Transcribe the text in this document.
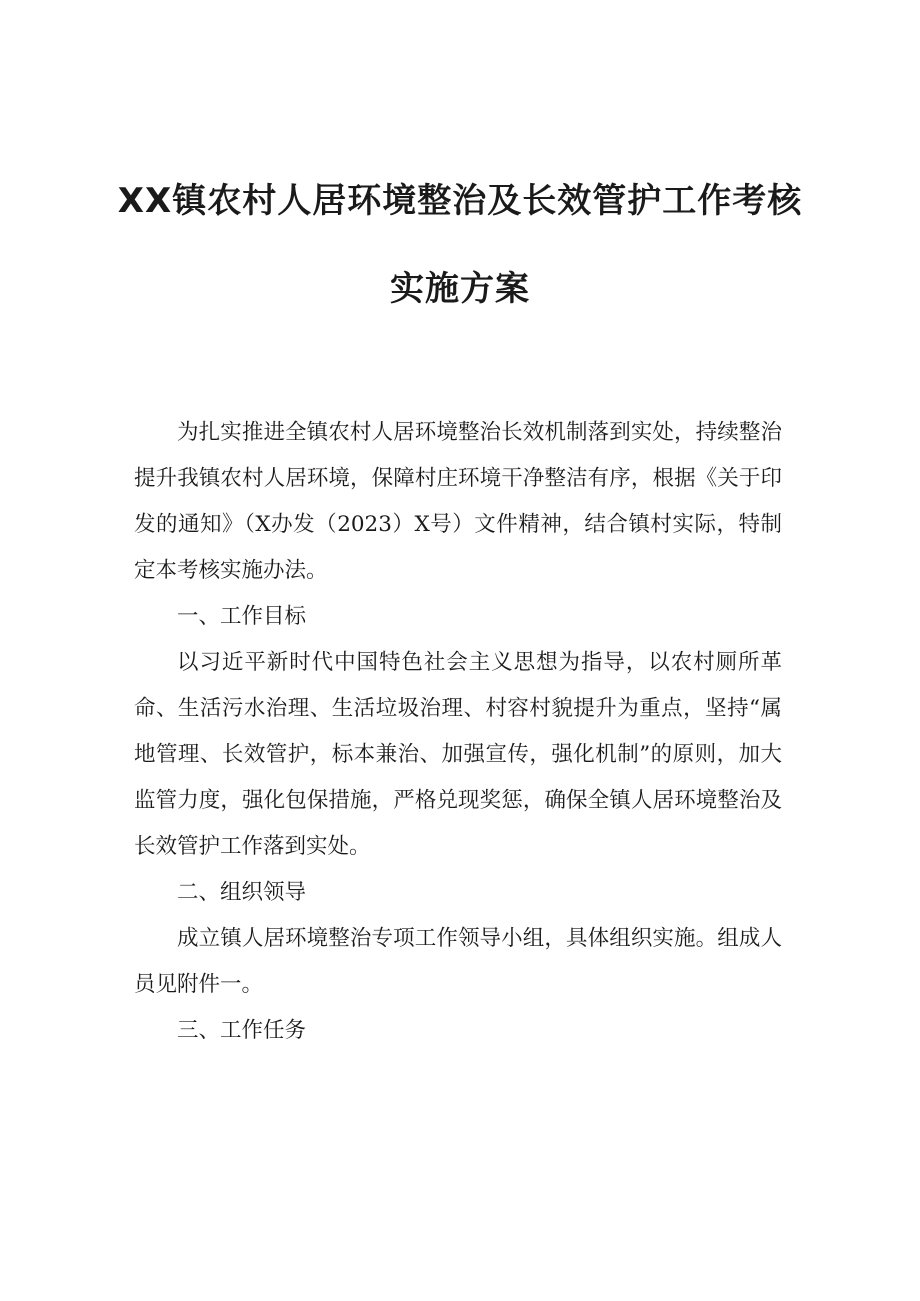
XX镇农村人居环境整治及长效管护工作考核
实施方案

为扎实推进全镇农村人居环境整治长效机制落到实处，持续整治提升我镇农村人居环境，保障村庄环境干净整洁有序，根据《关于印发的通知》（X办发（2023）X号）文件精神，结合镇村实际，特制定本考核实施办法。

一、工作目标

以习近平新时代中国特色社会主义思想为指导，以农村厕所革命、生活污水治理、生活垃圾治理、村容村貌提升为重点，坚持“属地管理、长效管护，标本兼治、加强宣传，强化机制”的原则，加大监管力度，强化包保措施，严格兑现奖惩，确保全镇人居环境整治及长效管护工作落到实处。

二、组织领导

成立镇人居环境整治专项工作领导小组，具体组织实施。组成人员见附件一。

三、工作任务
